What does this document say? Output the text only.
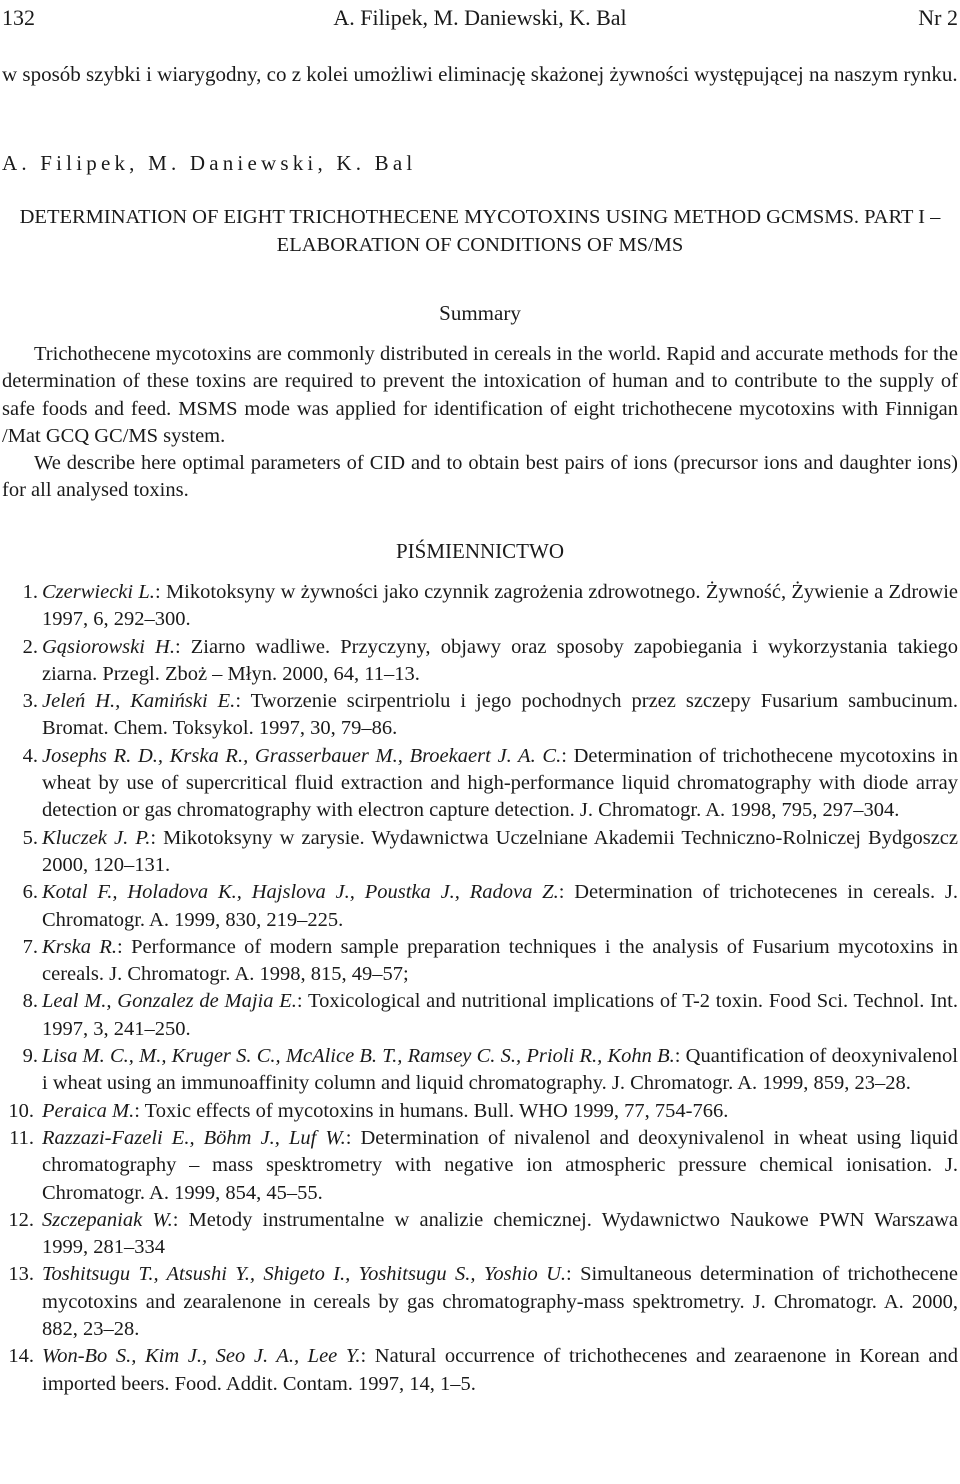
132	A. Filipek, M. Daniewski, K. Bal	Nr 2
w sposób szybki i wiarygodny, co z kolei umożliwi eliminację skażonej żywności występującej na naszym rynku.
A. Filipek, M. Daniewski, K. Bal
DETERMINATION OF EIGHT TRICHOTHECENE MYCOTOXINS USING METHOD GCMSMS. PART I – ELABORATION OF CONDITIONS OF MS/MS
Summary

Trichothecene mycotoxins are commonly distributed in cereals in the world. Rapid and accurate methods for the determination of these toxins are required to prevent the intoxication of human and to contribute to the supply of safe foods and feed. MSMS mode was applied for identification of eight trichothecene mycotoxins with Finnigan /Mat GCQ GC/MS system.

We describe here optimal parameters of CID and to obtain best pairs of ions (precursor ions and daughter ions) for all analysed toxins.

PIŚMIENNICTWO
1. Czerwiecki L.: Mikotoksyny w żywności jako czynnik zagrożenia zdrowotnego. Żywność, Żywienie a Zdrowie 1997, 6, 292–300.
2. Gąsiorowski H.: Ziarno wadliwe. Przyczyny, objawy oraz sposoby zapobiegania i wykorzystania takiego ziarna. Przegl. Zboż – Młyn. 2000, 64, 11–13.
3. Jeleń H., Kamiński E.: Tworzenie scirpentriolu i jego pochodnych przez szczepy Fusarium sambucinum. Bromat. Chem. Toksykol. 1997, 30, 79–86.
4. Josephs R. D., Krska R., Grasserbauer M., Broekaert J. A. C.: Determination of trichothecene mycotoxins in wheat by use of supercritical fluid extraction and high-performance liquid chromatography with diode array detection or gas chromatography with electron capture detection. J. Chromatogr. A. 1998, 795, 297–304.
5. Kluczek J. P.: Mikotoksyny w zarysie. Wydawnictwa Uczelniane Akademii Techniczno-Rolniczej Bydgoszcz 2000, 120–131.
6. Kotal F., Holadova K., Hajslova J., Poustka J., Radova Z.: Determination of trichotecenes in cereals. J. Chromatogr. A. 1999, 830, 219–225.
7. Krska R.: Performance of modern sample preparation techniques i the analysis of Fusarium mycotoxins in cereals. J. Chromatogr. A. 1998, 815, 49–57;
8. Leal M., Gonzalez de Majia E.: Toxicological and nutritional implications of T-2 toxin. Food Sci. Technol. Int. 1997, 3, 241–250.
9. Lisa M. C., M., Kruger S. C., McAlice B. T., Ramsey C. S., Prioli R., Kohn B.: Quantification of deoxynivalenol i wheat using an immunoaffinity column and liquid chromatography. J. Chromatogr. A. 1999, 859, 23–28.
10. Peraica M.: Toxic effects of mycotoxins in humans. Bull. WHO 1999, 77, 754-766.
11. Razzazi-Fazeli E., Böhm J., Luf W.: Determination of nivalenol and deoxynivalenol in wheat using liquid chromatography – mass spesktrometry with negative ion atmospheric pressure chemical ionisation. J. Chromatogr. A. 1999, 854, 45–55.
12. Szczepaniak W.: Metody instrumentalne w analizie chemicznej. Wydawnictwo Naukowe PWN Warszawa 1999, 281–334
13. Toshitsugu T., Atsushi Y., Shigeto I., Yoshitsugu S., Yoshio U.: Simultaneous determination of trichothecene mycotoxins and zearalenone in cereals by gas chromatography-mass spektrometry. J. Chromatogr. A. 2000, 882, 23–28.
14. Won-Bo S., Kim J., Seo J. A., Lee Y.: Natural occurrence of trichothecenes and zearaenone in Korean and imported beers. Food. Addit. Contam. 1997, 14, 1–5.
